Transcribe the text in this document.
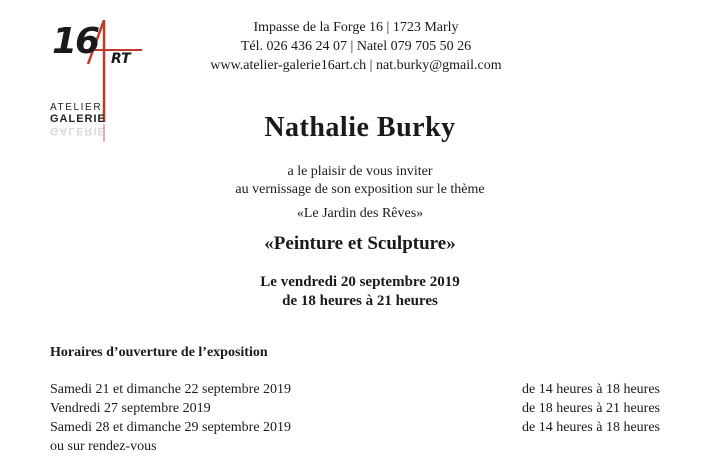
16 RT
ATELIER
GALERIE
GALERIE
Impasse de la Forge 16 | 1723 Marly
Tél. 026 436 24 07 | Natel 079 705 50 26
www.atelier-galerie16art.ch | nat.burky@gmail.com
Nathalie Burky
a le plaisir de vous inviter
au vernissage de son exposition sur le thème
«Le Jardin des Rêves»
«Peinture et Sculpture»
Le vendredi 20 septembre 2019
de 18 heures à 21 heures
Horaires d’ouverture de l’exposition
Samedi 21 et dimanche 22 septembre 2019	de 14 heures à 18 heures
Vendredi 27 septembre 2019	de 18 heures à 21 heures
Samedi 28 et dimanche 29 septembre 2019	de 14 heures à 18 heures
ou sur rendez-vous
